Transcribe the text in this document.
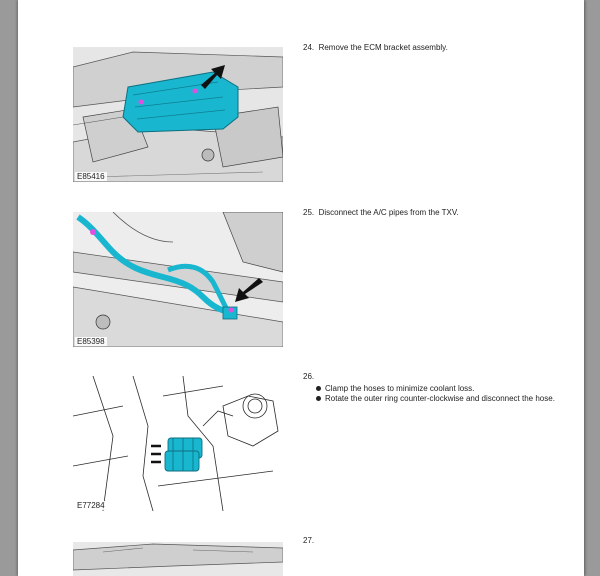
E85416
24. Remove the ECM bracket assembly.
E85398
25. Disconnect the A/C pipes from the TXV.
E77284
26.
Clamp the hoses to minimize coolant loss.
Rotate the outer ring counter-clockwise and disconnect the hose.
27.
